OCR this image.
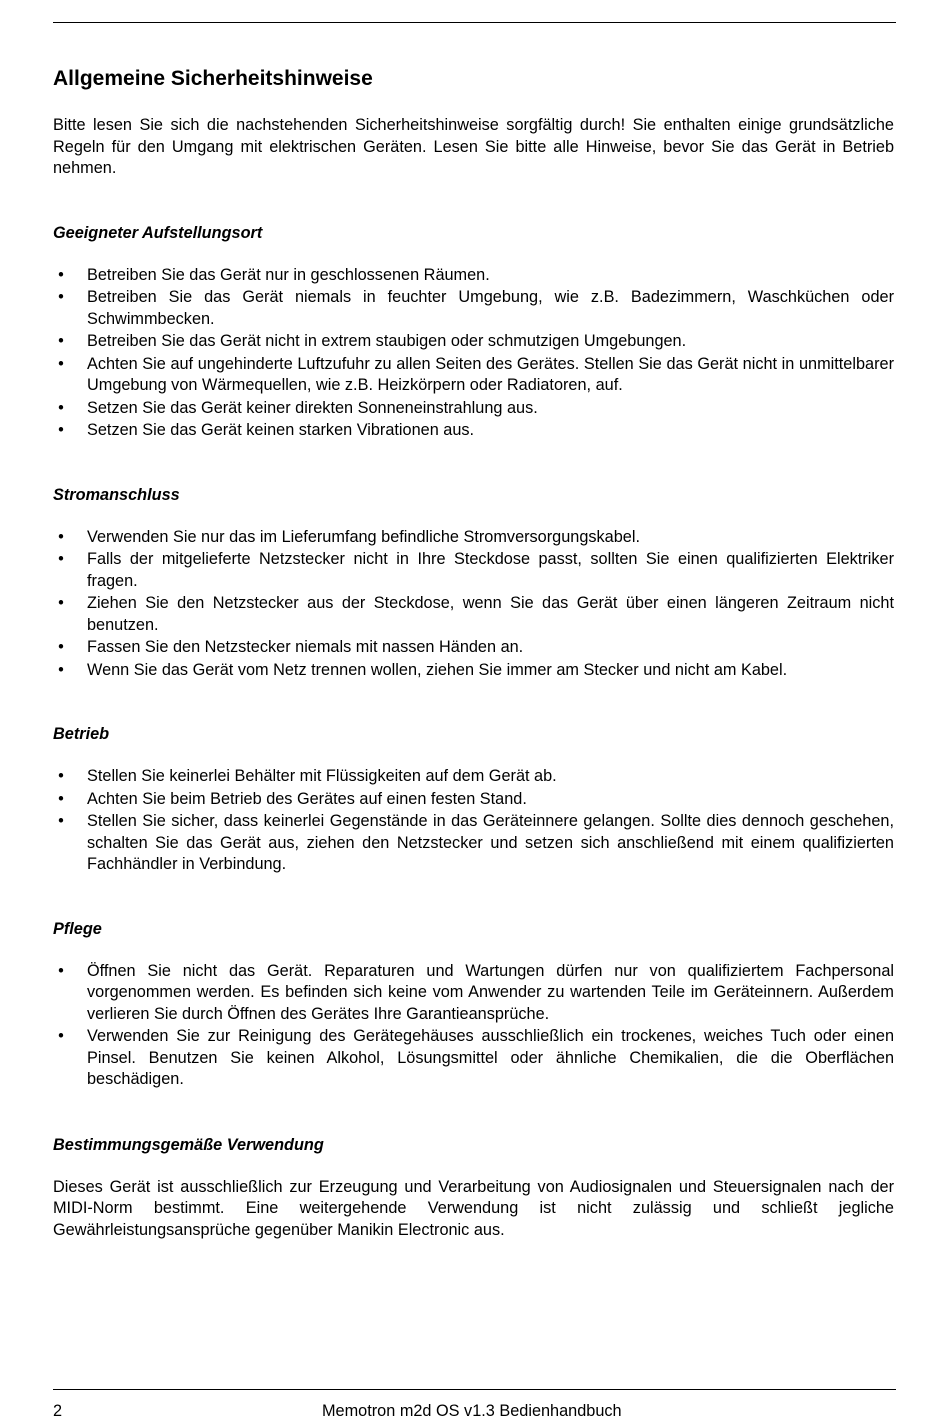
Allgemeine Sicherheitshinweise

Bitte lesen Sie sich die nachstehenden Sicherheitshinweise sorgfältig durch! Sie enthalten einige grundsätzliche Regeln für den Umgang mit elektrischen Geräten. Lesen Sie bitte alle Hinweise, bevor Sie das Gerät in Betrieb nehmen.

Geeigneter Aufstellungsort
• Betreiben Sie das Gerät nur in geschlossenen Räumen.
• Betreiben Sie das Gerät niemals in feuchter Umgebung, wie z.B. Badezimmern, Waschküchen oder Schwimmbecken.
• Betreiben Sie das Gerät nicht in extrem staubigen oder schmutzigen Umgebungen.
• Achten Sie auf ungehinderte Luftzufuhr zu allen Seiten des Gerätes. Stellen Sie das Gerät nicht in unmittelbarer Umgebung von Wärmequellen, wie z.B. Heizkörpern oder Radiatoren, auf.
• Setzen Sie das Gerät keiner direkten Sonneneinstrahlung aus.
• Setzen Sie das Gerät keinen starken Vibrationen aus.
Stromanschluss
• Verwenden Sie nur das im Lieferumfang befindliche Stromversorgungskabel.
• Falls der mitgelieferte Netzstecker nicht in Ihre Steckdose passt, sollten Sie einen qualifizierten Elektriker fragen.
• Ziehen Sie den Netzstecker aus der Steckdose, wenn Sie das Gerät über einen längeren Zeitraum nicht benutzen.
• Fassen Sie den Netzstecker niemals mit nassen Händen an.
• Wenn Sie das Gerät vom Netz trennen wollen, ziehen Sie immer am Stecker und nicht am Kabel.
Betrieb
• Stellen Sie keinerlei Behälter mit Flüssigkeiten auf dem Gerät ab.
• Achten Sie beim Betrieb des Gerätes auf einen festen Stand.
• Stellen Sie sicher, dass keinerlei Gegenstände in das Geräteinnere gelangen. Sollte dies dennoch geschehen, schalten Sie das Gerät aus, ziehen den Netzstecker und setzen sich anschließend mit einem qualifizierten Fachhändler in Verbindung.
Pflege
• Öffnen Sie nicht das Gerät. Reparaturen und Wartungen dürfen nur von qualifiziertem Fachpersonal vorgenommen werden. Es befinden sich keine vom Anwender zu wartenden Teile im Geräteinnern. Außerdem verlieren Sie durch Öffnen des Gerätes Ihre Garantieansprüche.
• Verwenden Sie zur Reinigung des Gerätegehäuses ausschließlich ein trockenes, weiches Tuch oder einen Pinsel. Benutzen Sie keinen Alkohol, Lösungsmittel oder ähnliche Chemikalien, die die Oberflächen beschädigen.
Bestimmungsgemäße Verwendung

Dieses Gerät ist ausschließlich zur Erzeugung und Verarbeitung von Audiosignalen und Steuersignalen nach der MIDI-Norm bestimmt. Eine weitergehende Verwendung ist nicht zulässig und schließt jegliche Gewährleistungsansprüche gegenüber Manikin Electronic aus.

2	Memotron m2d OS v1.3 Bedienhandbuch
